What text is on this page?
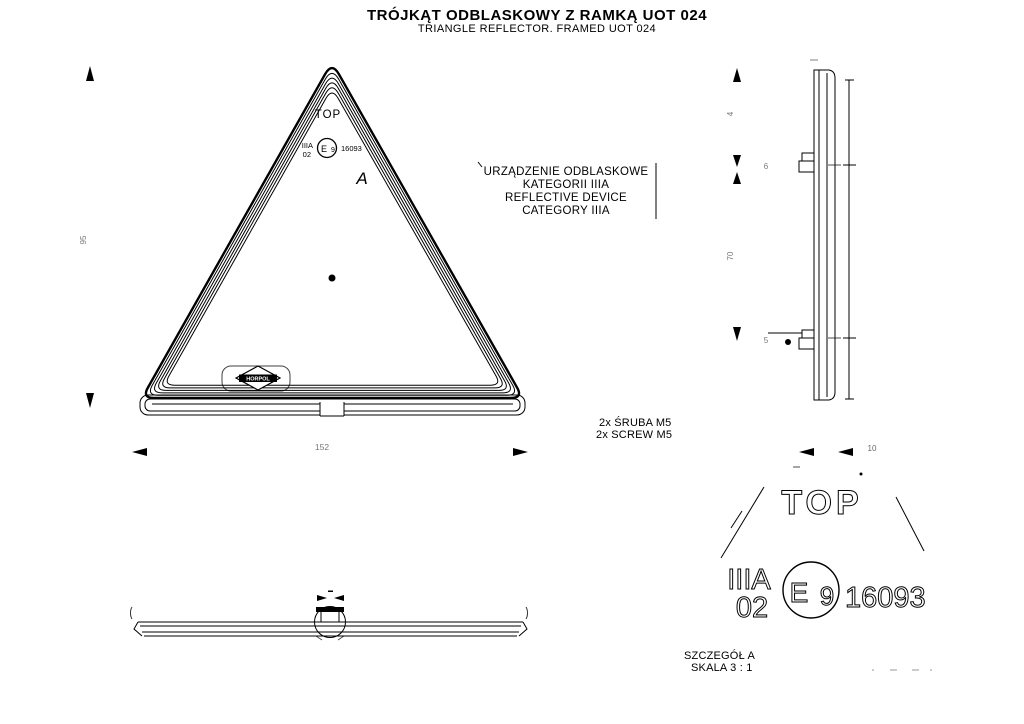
TOP
IIIA
02
E 9 16093
A
HORPOL
95
152
4
6
70
5
10
TOP
IIIA
02 E 9 16093
TRÓJKĄT ODBLASKOWY Z RAMKĄ UOT 024
TRIANGLE REFLECTOR. FRAMED UOT 024
URZĄDZENIE ODBLASKOWE
KATEGORII IIIA
REFLECTIVE DEVICE
CATEGORY IIIA
2x ŚRUBA M5
2x SCREW M5
SZCZEGÓŁ A
SKALA 3 : 1
